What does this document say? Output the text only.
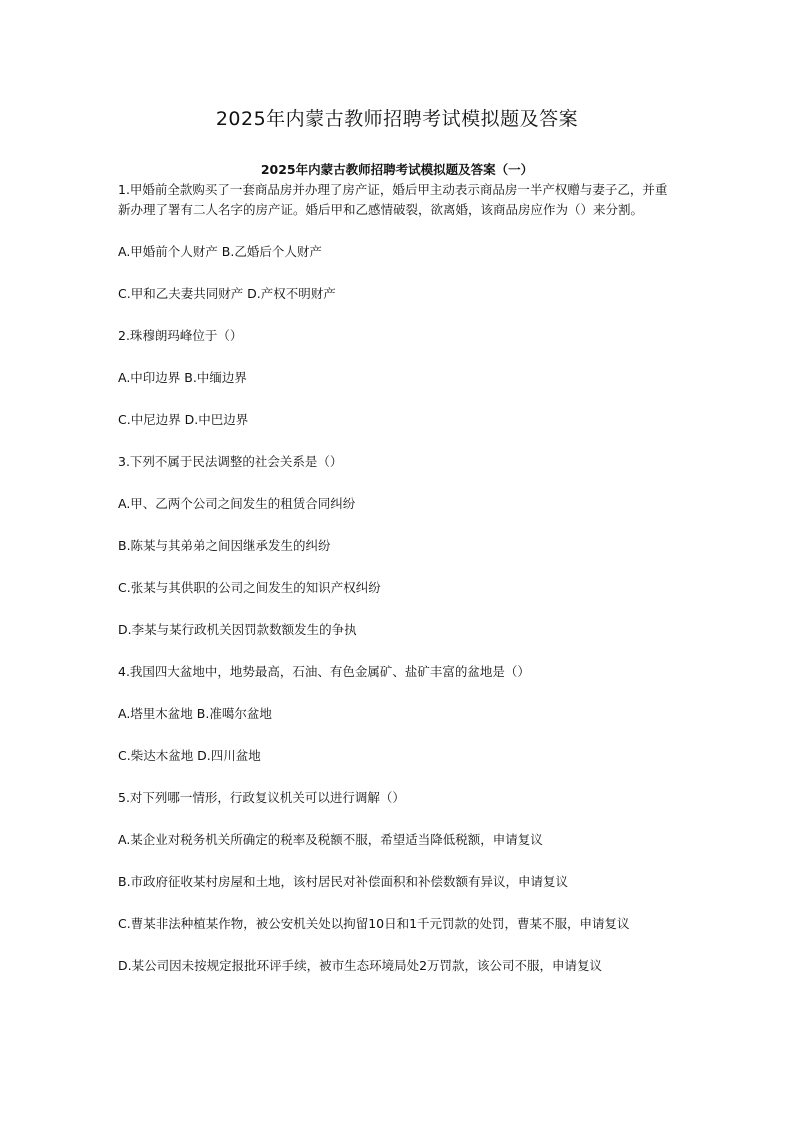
2025年内蒙古教师招聘考试模拟题及答案
2025年内蒙古教师招聘考试模拟题及答案（一）

1.甲婚前全款购买了一套商品房并办理了房产证，婚后甲主动表示商品房一半产权赠与妻子乙，并重新办理了署有二人名字的房产证。婚后甲和乙感情破裂，欲离婚，该商品房应作为（）来分割。

A.甲婚前个人财产 B.乙婚后个人财产

C.甲和乙夫妻共同财产 D.产权不明财产

2.珠穆朗玛峰位于（）

A.中印边界 B.中缅边界

C.中尼边界 D.中巴边界

3.下列不属于民法调整的社会关系是（）

A.甲、乙两个公司之间发生的租赁合同纠纷

B.陈某与其弟弟之间因继承发生的纠纷

C.张某与其供职的公司之间发生的知识产权纠纷

D.李某与某行政机关因罚款数额发生的争执

4.我国四大盆地中，地势最高，石油、有色金属矿、盐矿丰富的盆地是（）

A.塔里木盆地 B.准噶尔盆地

C.柴达木盆地 D.四川盆地

5.对下列哪一情形，行政复议机关可以进行调解（）

A.某企业对税务机关所确定的税率及税额不服，希望适当降低税额，申请复议

B.市政府征收某村房屋和土地，该村居民对补偿面积和补偿数额有异议，申请复议

C.曹某非法种植某作物，被公安机关处以拘留10日和1千元罚款的处罚，曹某不服，申请复议

D.某公司因未按规定报批环评手续，被市生态环境局处2万罚款，该公司不服，申请复议
